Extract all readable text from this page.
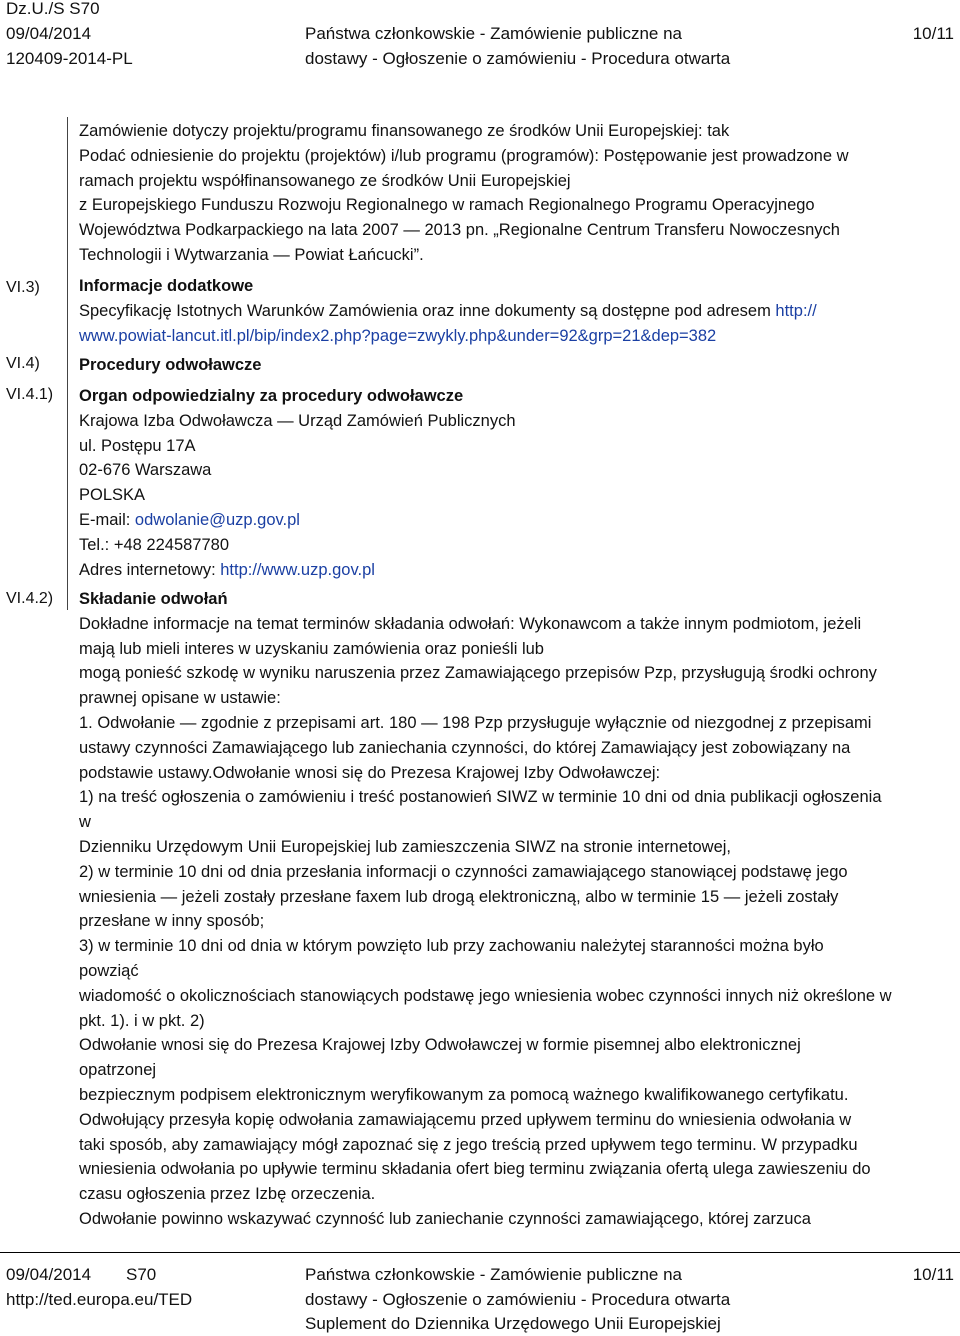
Dz.U./S S70
09/04/2014
120409-2014-PL
Państwa członkowskie - Zamówienie publiczne na
dostawy - Ogłoszenie o zamówieniu - Procedura otwarta
10/11
VI.3)
VI.4)
VI.4.1)
VI.4.2)
Zamówienie dotyczy projektu/programu finansowanego ze środków Unii Europejskiej: tak
Podać odniesienie do projektu (projektów) i/lub programu (programów): Postępowanie jest prowadzone w
ramach projektu współfinansowanego ze środków Unii Europejskiej
z Europejskiego Funduszu Rozwoju Regionalnego w ramach Regionalnego Programu Operacyjnego
Województwa Podkarpackiego na lata 2007 — 2013 pn. „Regionalne Centrum Transferu Nowoczesnych
Technologii i Wytwarzania — Powiat Łańcucki”.
Informacje dodatkowe
Specyfikację Istotnych Warunków Zamówienia oraz inne dokumenty są dostępne pod adresem http://
www.powiat-lancut.itl.pl/bip/index2.php?page=zwykly.php&under=92&grp=21&dep=382
Procedury odwoławcze
Organ odpowiedzialny za procedury odwoławcze
Krajowa Izba Odwoławcza — Urząd Zamówień Publicznych
ul. Postępu 17A
02-676 Warszawa
POLSKA
E-mail: odwolanie@uzp.gov.pl
Tel.: +48 224587780
Adres internetowy: http://www.uzp.gov.pl
Składanie odwołań
Dokładne informacje na temat terminów składania odwołań: Wykonawcom a także innym podmiotom, jeżeli
mają lub mieli interes w uzyskaniu zamówienia oraz ponieśli lub
mogą ponieść szkodę w wyniku naruszenia przez Zamawiającego przepisów Pzp, przysługują środki ochrony
prawnej opisane w ustawie:
1. Odwołanie — zgodnie z przepisami art. 180 — 198 Pzp przysługuje wyłącznie od niezgodnej z przepisami
ustawy czynności Zamawiającego lub zaniechania czynności, do której Zamawiający jest zobowiązany na
podstawie ustawy.Odwołanie wnosi się do Prezesa Krajowej Izby Odwoławczej:
1) na treść ogłoszenia o zamówieniu i treść postanowień SIWZ w terminie 10 dni od dnia publikacji ogłoszenia
w
Dzienniku Urzędowym Unii Europejskiej lub zamieszczenia SIWZ na stronie internetowej,
2) w terminie 10 dni od dnia przesłania informacji o czynności zamawiającego stanowiącej podstawę jego
wniesienia — jeżeli zostały przesłane faxem lub drogą elektroniczną, albo w terminie 15 — jeżeli zostały
przesłane w inny sposób;
3) w terminie 10 dni od dnia w którym powzięto lub przy zachowaniu należytej staranności można było
powziąć
wiadomość o okolicznościach stanowiących podstawę jego wniesienia wobec czynności innych niż określone w
pkt. 1). i w pkt. 2)
Odwołanie wnosi się do Prezesa Krajowej Izby Odwoławczej w formie pisemnej albo elektronicznej
opatrzonej
bezpiecznym podpisem elektronicznym weryfikowanym za pomocą ważnego kwalifikowanego certyfikatu.
Odwołujący przesyła kopię odwołania zamawiającemu przed upływem terminu do wniesienia odwołania w
taki sposób, aby zamawiający mógł zapoznać się z jego treścią przed upływem tego terminu. W przypadku
wniesienia odwołania po upływie terminu składania ofert bieg terminu związania ofertą ulega zawieszeniu do
czasu ogłoszenia przez Izbę orzeczenia.
Odwołanie powinno wskazywać czynność lub zaniechanie czynności zamawiającego, której zarzuca
09/04/2014 S70
http://ted.europa.eu/TED
Państwa członkowskie - Zamówienie publiczne na
dostawy - Ogłoszenie o zamówieniu - Procedura otwarta
Suplement do Dziennika Urzędowego Unii Europejskiej
10/11
